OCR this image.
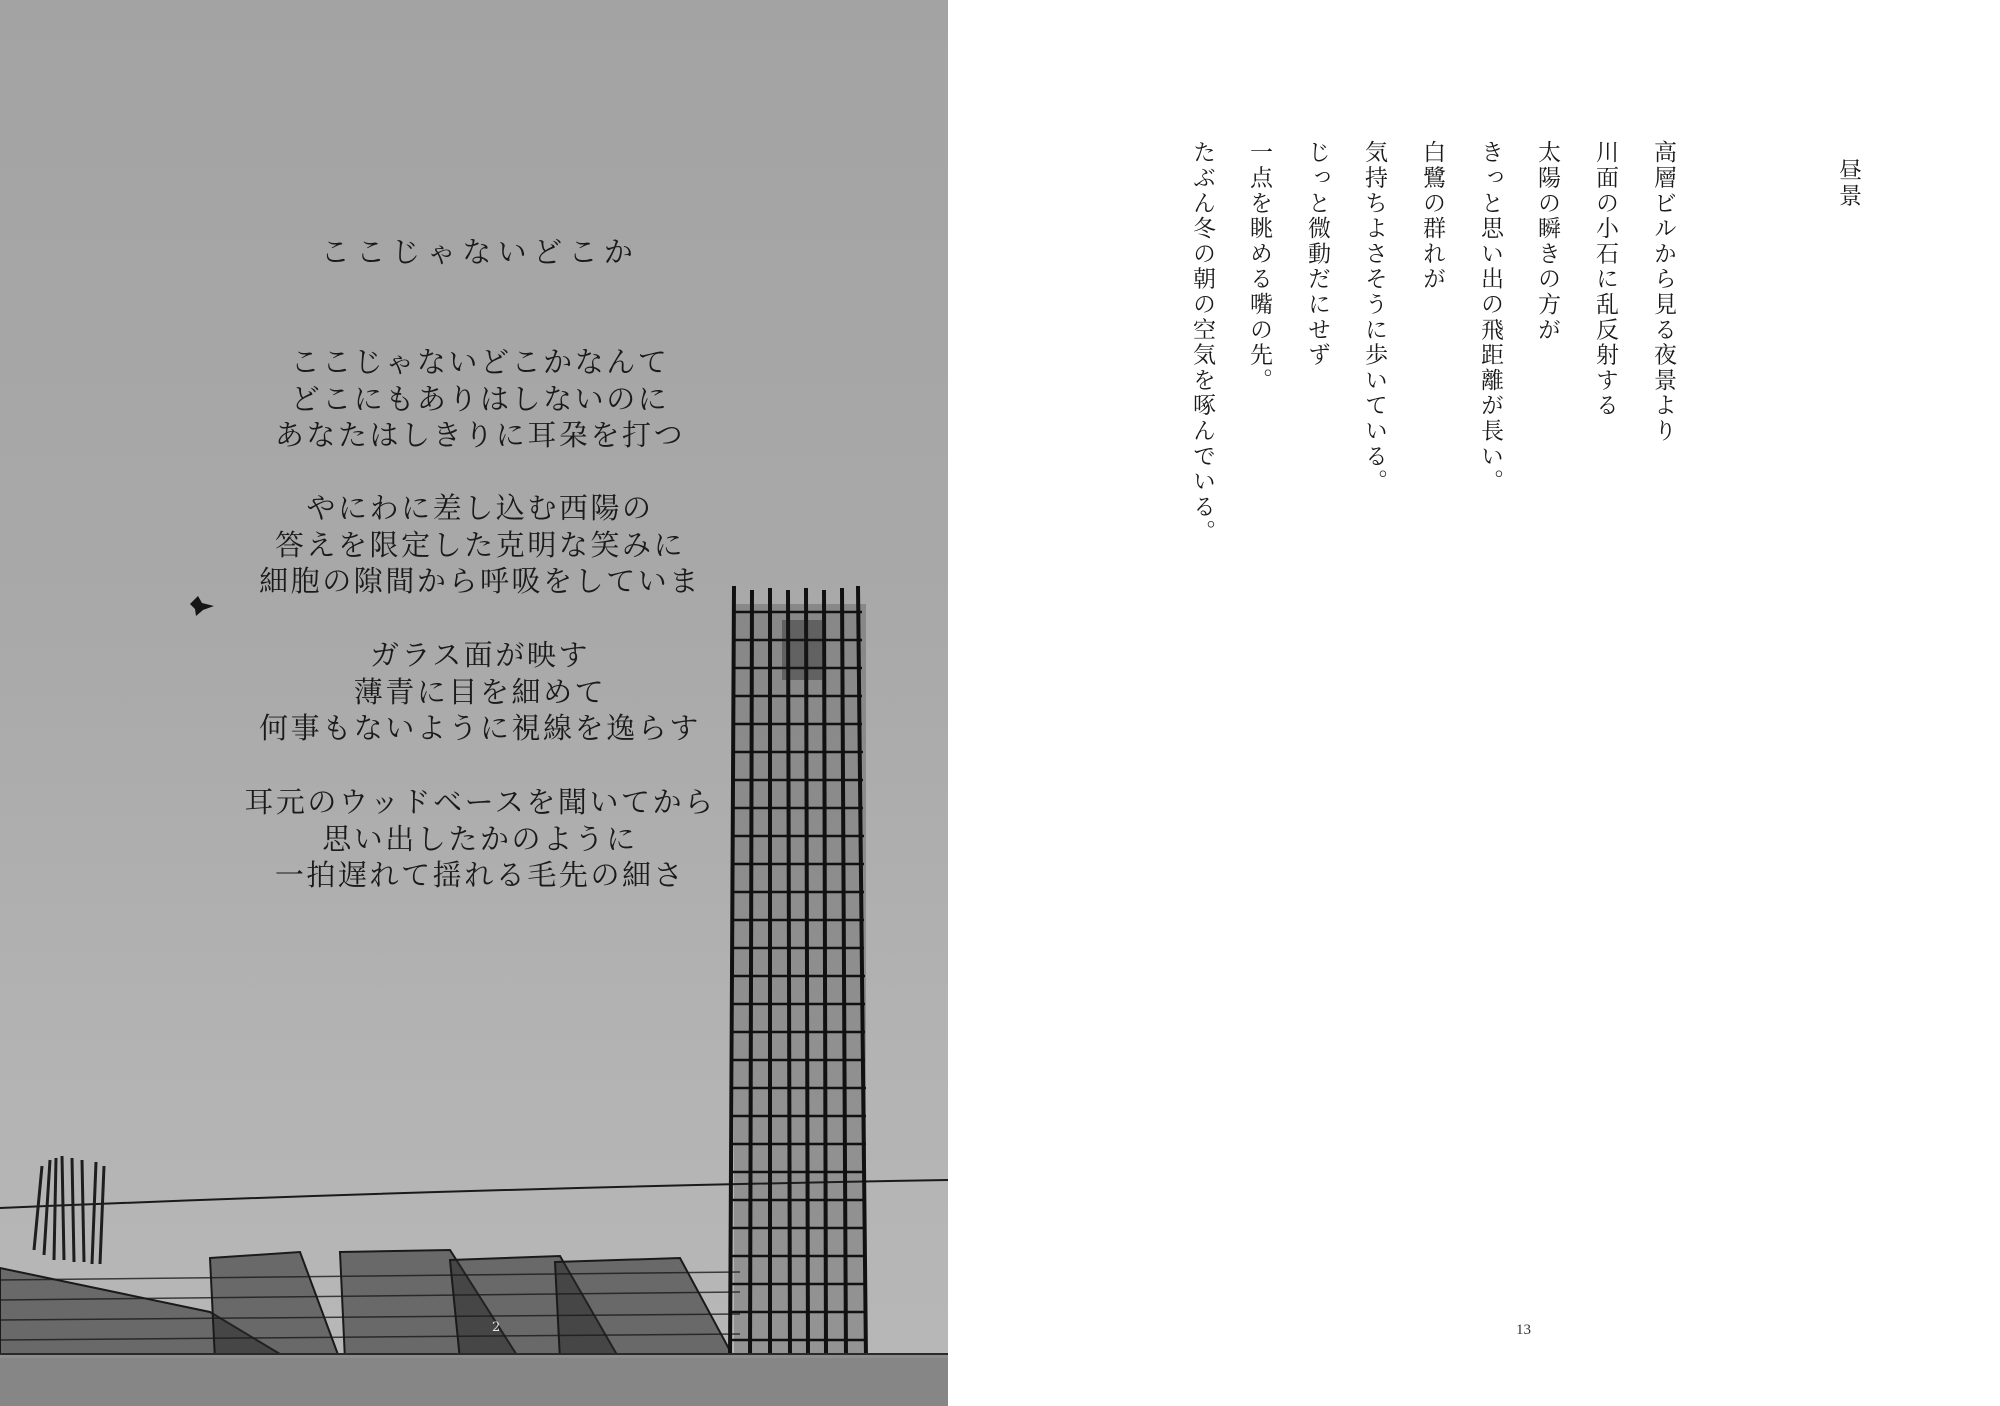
ここじゃないどこか
ここじゃないどこかなんて
どこにもありはしないのに
あなたはしきりに耳朶を打つ
やにわに差し込む西陽の
答えを限定した克明な笑みに
細胞の隙間から呼吸をしていま
ガラス面が映す
薄青に目を細めて
何事もないように視線を逸らす
耳元のウッドベースを聞いてから
思い出したかのように
一拍遅れて揺れる毛先の細さ
2
昼景
高層ビルから見る夜景より
川面の小石に乱反射する
太陽の瞬きの方が
きっと思い出の飛距離が長い。
白鷺の群れが
気持ちよさそうに歩いている。
じっと微動だにせず
一点を眺める嘴の先。
たぶん冬の朝の空気を啄んでいる。
13
